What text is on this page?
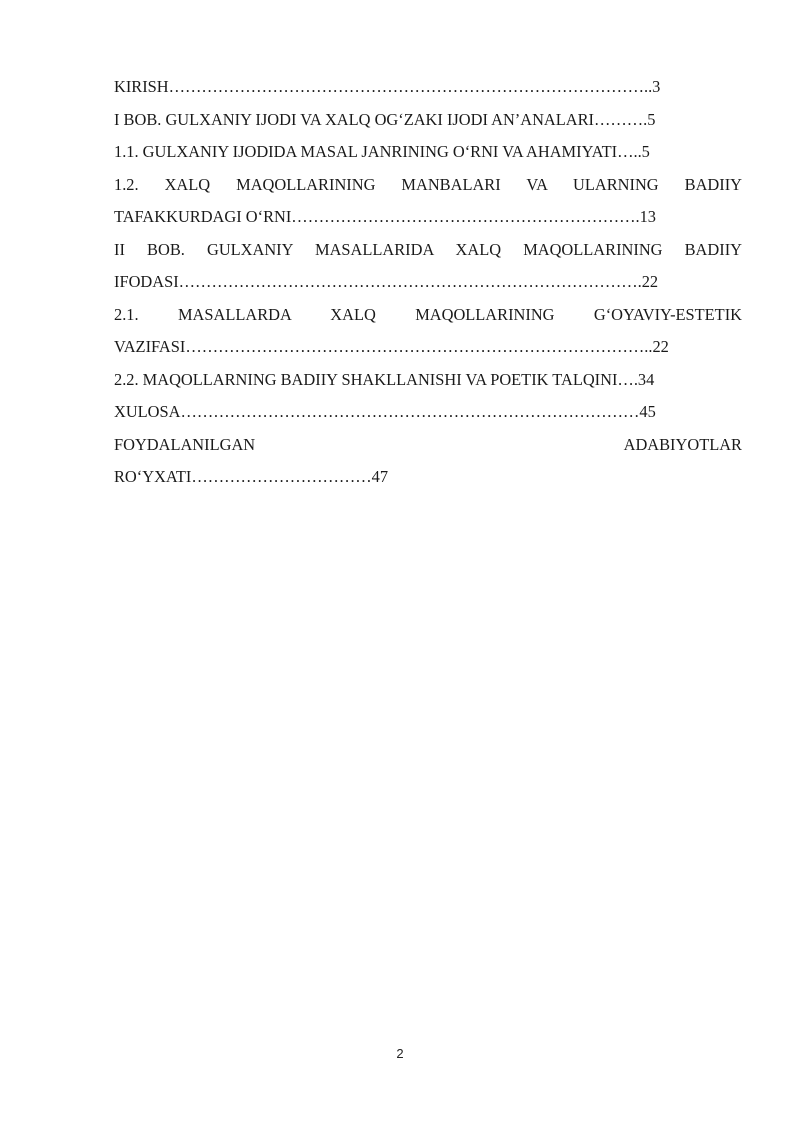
KIRISH……………………………………………………………………………..3
I BOB. GULXANIY IJODI VA XALQ OG‘ZAKI IJODI AN’ANALARI……….5
1.1. GULXANIY IJODIDA MASAL JANRINING O‘RNI VA AHAMIYATI…..5
1.2. XALQ MAQOLLARINING MANBALARI VA ULARNING BADIIY
TAFAKKURDAGI O‘RNI……………………………………………………….13
II BOB. GULXANIY MASALLARIDA XALQ MAQOLLARINING BADIIY
IFODASI………………………………………………………………………….22
2.1. MASALLARDA XALQ MAQOLLARINING G‘OYAVIY-ESTETIK
VAZIFASI…………………………………………………………………………..22
2.2. MAQOLLARNING BADIIY SHAKLLANISHI VA POETIK TALQINI….34
XULOSA…………………………………………………………………………45
FOYDALANILGAN ADABIYOTLAR
RO‘YXATI……………………………47
2
